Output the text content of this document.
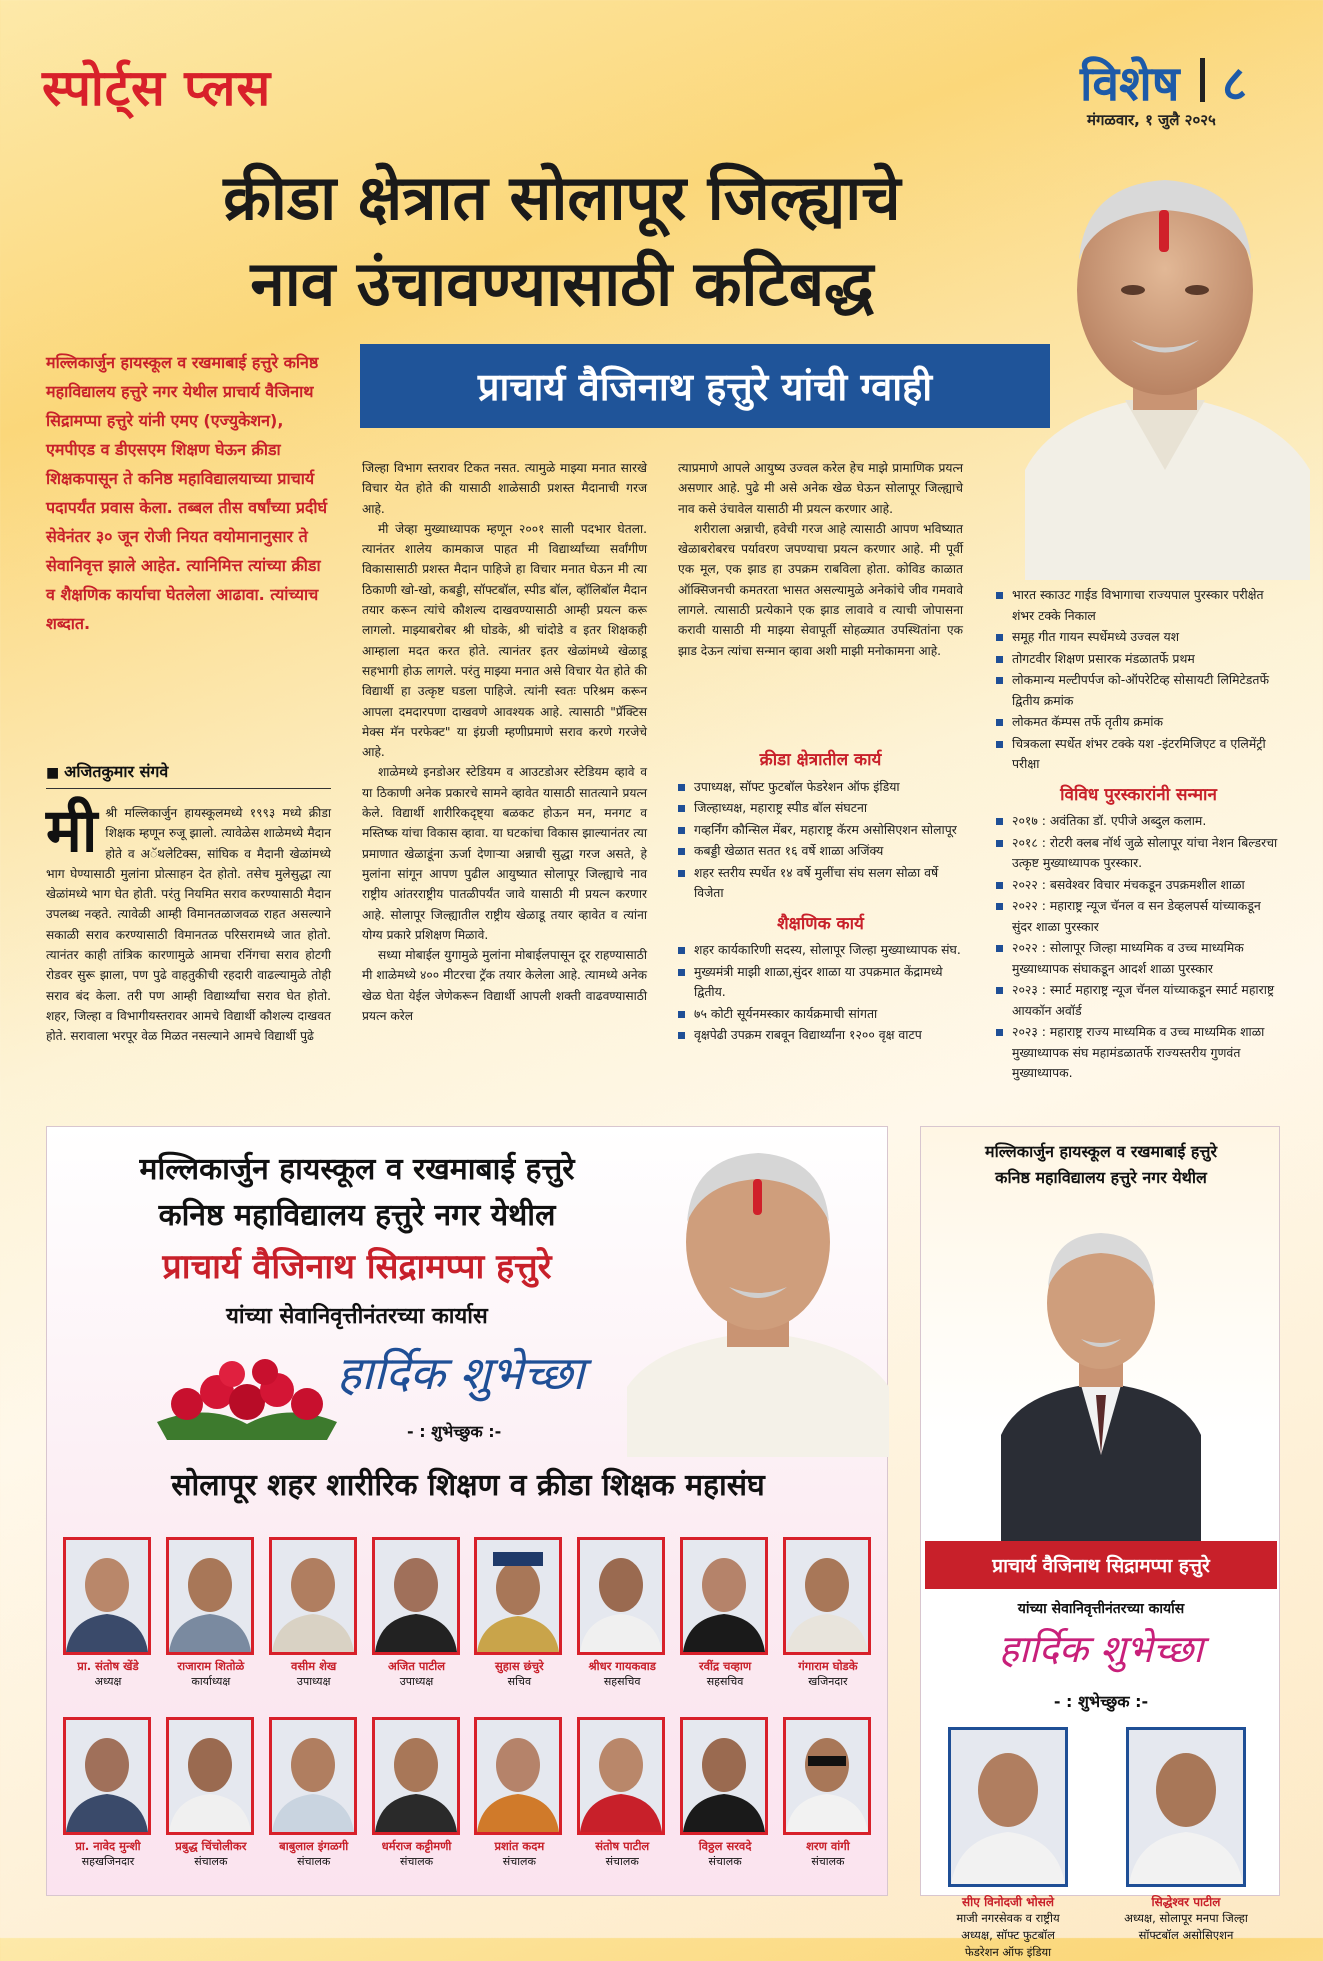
स्पोर्ट्स प्लस	विशेष ८
मंगळवार, १ जुलै २०२५
क्रीडा क्षेत्रात सोलापूर जिल्ह्याचे
नाव उंचावण्यासाठी कटिबद्ध
प्राचार्य वैजिनाथ हत्तुरे यांची ग्वाही
मल्लिकार्जुन हायस्कूल व रखमाबाई हत्तुरे कनिष्ठ महाविद्यालय हत्तुरे नगर येथील प्राचार्य वैजिनाथ सिद्रामप्पा हत्तुरे यांनी एमए (एज्युकेशन), एमपीएड व डीएसएम शिक्षण घेऊन क्रीडा शिक्षकपासून ते कनिष्ठ महाविद्यालयाच्या प्राचार्य पदापर्यंत प्रवास केला. तब्बल तीस वर्षांच्या प्रदीर्घ सेवेनंतर ३० जून रोजी नियत वयोमानानुसार ते सेवानिवृत्त झाले आहेत. त्यानिमित्त त्यांच्या क्रीडा व शैक्षणिक कार्याचा घेतलेला आढावा. त्यांच्याच शब्दात.
■ अजितकुमार संगवे
मी श्री मल्लिकार्जुन हायस्कूलमध्ये १९९३ मध्ये क्रीडा शिक्षक म्हणून रुजू झालो. त्यावेळेस शाळेमध्ये मैदान होते व अॅथलेटिक्स, सांघिक व मैदानी खेळांमध्ये भाग घेण्यासाठी मुलांना प्रोत्साहन देत होतो. तसेच मुलेसुद्धा त्या खेळांमध्ये भाग घेत होती. परंतु नियमित सराव करण्यासाठी मैदान उपलब्ध नव्हते. त्यावेळी आम्ही विमानतळाजवळ राहत असल्याने सकाळी सराव करण्यासाठी विमानतळ परिसरामध्ये जात होतो. त्यानंतर काही तांत्रिक कारणामुळे आमचा रनिंगचा सराव होटगी रोडवर सुरू झाला, पण पुढे वाहतुकीची रहदारी वाढल्यामुळे तोही सराव बंद केला. तरी पण आम्ही विद्यार्थ्यांचा सराव घेत होतो. शहर, जिल्हा व विभागीयस्तरावर आमचे विद्यार्थी कौशल्य दाखवत होते. सरावाला भरपूर वेळ मिळत नसल्याने आमचे विद्यार्थी पुढे

जिल्हा विभाग स्तरावर टिकत नसत. त्यामुळे माझ्या मनात सारखे विचार येत होते की यासाठी शाळेसाठी प्रशस्त मैदानाची गरज आहे.

मी जेव्हा मुख्याध्यापक म्हणून २००१ साली पदभार घेतला. त्यानंतर शालेय कामकाज पाहत मी विद्यार्थ्यांच्या सर्वांगीण विकासासाठी प्रशस्त मैदान पाहिजे हा विचार मनात घेऊन मी त्या ठिकाणी खो-खो, कबड्डी, सॉफ्टबॉल, स्पीड बॉल, व्हॉलिबॉल मैदान तयार करून त्यांचे कौशल्य दाखवण्यासाठी आम्ही प्रयत्न करू लागलो. माझ्याबरोबर श्री घोडके, श्री चांदोडे व इतर शिक्षकही आम्हाला मदत करत होते. त्यानंतर इतर खेळांमध्ये खेळाडू सहभागी होऊ लागले. परंतु माझ्या मनात असे विचार येत होते की विद्यार्थी हा उत्कृष्ट घडला पाहिजे. त्यांनी स्वतः परिश्रम करून आपला दमदारपणा दाखवणे आवश्यक आहे. त्यासाठी "प्रॅक्टिस मेक्स मॅन परफेक्ट" या इंग्रजी म्हणीप्रमाणे सराव करणे गरजेचे आहे.

शाळेमध्ये इनडोअर स्टेडियम व आउटडोअर स्टेडियम व्हावे व या ठिकाणी अनेक प्रकारचे सामने व्हावेत यासाठी सातत्याने प्रयत्न केले. विद्यार्थी शारीरिकदृष्ट्या बळकट होऊन मन, मनगट व मस्तिष्क यांचा विकास व्हावा. या घटकांचा विकास झाल्यानंतर त्या प्रमाणात खेळाडूंना ऊर्जा देणाऱ्या अन्नाची सुद्धा गरज असते, हे मुलांना सांगून आपण पुढील आयुष्यात सोलापूर जिल्ह्याचे नाव राष्ट्रीय आंतरराष्ट्रीय पातळीपर्यंत जावे यासाठी मी प्रयत्न करणार आहे. सोलापूर जिल्ह्यातील राष्ट्रीय खेळाडू तयार व्हावेत व त्यांना योग्य प्रकारे प्रशिक्षण मिळावे.

सध्या मोबाईल युगामुळे मुलांना मोबाईलपासून दूर राहण्यासाठी मी शाळेमध्ये ४०० मीटरचा ट्रॅक तयार केलेला आहे. त्यामध्ये अनेक खेळ घेता येईल जेणेकरून विद्यार्थी आपली शक्ती वाढवण्यासाठी प्रयत्न करेल

त्याप्रमाणे आपले आयुष्य उज्वल करेल हेच माझे प्रामाणिक प्रयत्न असणार आहे. पुढे मी असे अनेक खेळ घेऊन सोलापूर जिल्ह्याचे नाव कसे उंचावेल यासाठी मी प्रयत्न करणार आहे.

शरीराला अन्नाची, हवेची गरज आहे त्यासाठी आपण भविष्यात खेळाबरोबरच पर्यावरण जपण्याचा प्रयत्न करणार आहे. मी पूर्वी एक मूल, एक झाड हा उपक्रम राबविला होता. कोविड काळात ऑक्सिजनची कमतरता भासत असल्यामुळे अनेकांचे जीव गमवावे लागले. त्यासाठी प्रत्येकाने एक झाड लावावे व त्याची जोपासना करावी यासाठी मी माझ्या सेवापूर्ती सोहळ्यात उपस्थितांना एक झाड देऊन त्यांचा सन्मान व्हावा अशी माझी मनोकामना आहे.

क्रीडा क्षेत्रातील कार्य
उपाध्यक्ष, सॉफ्ट फुटबॉल फेडरेशन ऑफ इंडिया
जिल्हाध्यक्ष, महाराष्ट्र स्पीड बॉल संघटना
गव्हर्निंग कौन्सिल मेंबर, महाराष्ट्र कॅरम असोसिएशन सोलापूर
कबड्डी खेळात सतत १६ वर्षे शाळा अजिंक्य
शहर स्तरीय स्पर्धेत १४ वर्षे मुलींचा संघ सलग सोळा वर्षे विजेता
शैक्षणिक कार्य
शहर कार्यकारिणी सदस्य, सोलापूर जिल्हा मुख्याध्यापक संघ.
मुख्यमंत्री माझी शाळा,सुंदर शाळा या उपक्रमात केंद्रामध्ये द्वितीय.
७५ कोटी सूर्यनमस्कार कार्यक्रमाची सांगता
वृक्षपेढी उपक्रम राबवून विद्यार्थ्यांना १२०० वृक्ष वाटप
भारत स्काउट गाईड विभागाचा राज्यपाल पुरस्कार परीक्षेत शंभर टक्के निकाल
समूह गीत गायन स्पर्धेमध्ये उज्वल यश
तोगटवीर शिक्षण प्रसारक मंडळातर्फे प्रथम
लोकमान्य मल्टीपर्पज को-ऑपरेटिव्ह सोसायटी लिमिटेडतर्फे द्वितीय क्रमांक
लोकमत कॅम्पस तर्फे तृतीय क्रमांक
चित्रकला स्पर्धेत शंभर टक्के यश -इंटरमिजिएट व एलिमेंट्री परीक्षा
विविध पुरस्कारांनी सन्मान
२०१७ : अवंतिका डॉ. एपीजे अब्दुल कलाम.
२०१८ : रोटरी क्लब नॉर्थ जुळे सोलापूर यांचा नेशन बिल्डरचा उत्कृष्ट मुख्याध्यापक पुरस्कार.
२०२२ : बसवेश्वर विचार मंचकडून उपक्रमशील शाळा
२०२२ : महाराष्ट्र न्यूज चॅनल व सन डेव्हलपर्स यांच्याकडून सुंदर शाळा पुरस्कार
२०२२ : सोलापूर जिल्हा माध्यमिक व उच्च माध्यमिक मुख्याध्यापक संघाकडून आदर्श शाळा पुरस्कार
२०२३ : स्मार्ट महाराष्ट्र न्यूज चॅनल यांच्याकडून स्मार्ट महाराष्ट्र आयकॉन अवॉर्ड
२०२३ : महाराष्ट्र राज्य माध्यमिक व उच्च माध्यमिक शाळा मुख्याध्यापक संघ महामंडळातर्फे राज्यस्तरीय गुणवंत मुख्याध्यापक.
मल्लिकार्जुन हायस्कूल व रखमाबाई हत्तुरे
कनिष्ठ महाविद्यालय हत्तुरे नगर येथील
प्राचार्य वैजिनाथ सिद्रामप्पा हत्तुरे
यांच्या सेवानिवृत्तीनंतरच्या कार्यास
हार्दिक शुभेच्छा
- : शुभेच्छुक :-
सोलापूर शहर शारीरिक शिक्षण व क्रीडा शिक्षक महासंघ
प्रा. संतोष खेंडे
अध्यक्ष
राजाराम शितोळे
कार्याध्यक्ष
वसीम शेख
उपाध्यक्ष
अजित पाटील
उपाध्यक्ष
सुहास छंचुरे
सचिव
श्रीधर गायकवाड
सहसचिव
रवींद्र चव्हाण
सहसचिव
गंगाराम घोडके
खजिनदार
प्रा. नावेद मुन्शी
सहखजिनदार
प्रबुद्ध चिंचोलीकर
संचालक
बाबुलाल इंगळगी
संचालक
धर्मराज कट्टीमणी
संचालक
प्रशांत कदम
संचालक
संतोष पाटील
संचालक
विठ्ठल सरवदे
संचालक
शरण वांगी
संचालक
मल्लिकार्जुन हायस्कूल व रखमाबाई हत्तुरे
कनिष्ठ महाविद्यालय हत्तुरे नगर येथील
प्राचार्य वैजिनाथ सिद्रामप्पा हत्तुरे
यांच्या सेवानिवृत्तीनंतरच्या कार्यास
हार्दिक शुभेच्छा
- : शुभेच्छुक :-
सीए विनोदजी भोसले
माजी नगरसेवक व राष्ट्रीय अध्यक्ष, सॉफ्ट फुटबॉल फेडरेशन ऑफ इंडिया
सिद्धेश्वर पाटील
अध्यक्ष, सोलापूर मनपा जिल्हा सॉफ्टबॉल असोसिएशन
